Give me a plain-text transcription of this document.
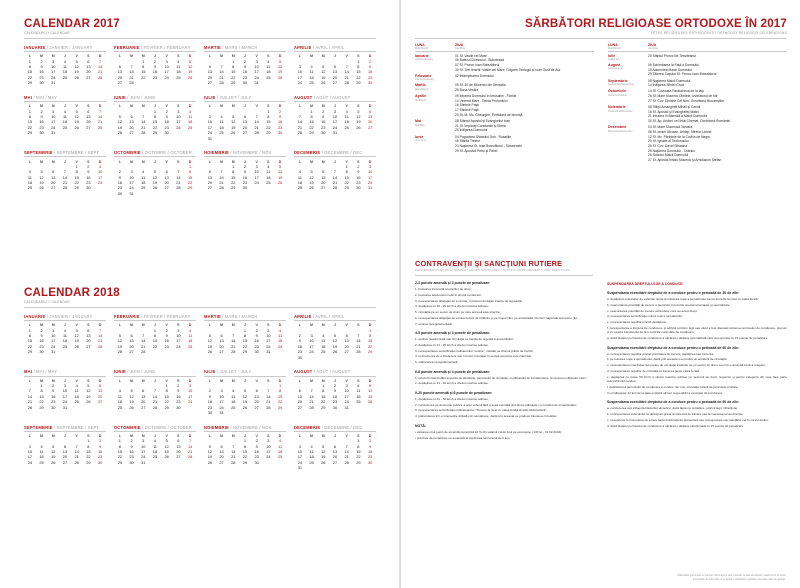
CALENDAR 2017
CALENDARIU / CALENDAR
IANUARIE / JANVIER / JANUARY
L	M	M	J	V	S	D
1	2	3	4	5	6	7
8	9	10	11	12	13	14
15	16	17	18	19	20	21
22	23	24	25	26	27	28
29	30	31				
FEBRUARIE / FÉVRIER / FEBRUARY
L	M	M	J	V	S	D
		1	2	3	4	5
6	7	8	9	10	11	12
13	14	15	16	17	18	19
20	21	22	23	24	25	26
27	28					
MARTIE / MARS / MARCH
L	M	M	J	V	S	D
		1	2	3	4	5
6	7	8	9	10	11	12
13	14	15	16	17	18	19
20	21	22	23	24	25	26
27	28	29	30	31		
APRILIE / AVRIL / APRIL
L	M	M	J	V	S	D
					1	2
3	4	5	6	7	8	9
10	11	12	13	14	15	16
17	18	19	20	21	22	23
24	25	26	27	28	29	30
MAI / MAI / MAY
L	M	M	J	V	S	D
1	2	3	4	5	6	7
8	9	10	11	12	13	14
15	16	17	18	19	20	21
22	23	24	25	26	27	28
29	30	31				
IUNIE / JUIN / JUNE
L	M	M	J	V	S	D
			1	2	3	4
5	6	7	8	9	10	11
12	13	14	15	16	17	18
19	20	21	22	23	24	25
26	27	28	29	30		
IULIE / JUILLET / JULY
L	M	M	J	V	S	D
					1	2
3	4	5	6	7	8	9
10	11	12	13	14	15	16
17	18	19	20	21	22	23
24	25	26	27	28	29	30
31						
AUGUST / AOÛT / AUGUST
L	M	M	J	V	S	D
	1	2	3	4	5	6
7	8	9	10	11	12	13
14	15	16	17	18	19	20
21	22	23	24	25	26	27
28	29	30	31			
SEPTEMBRIE / SEPTEMBRE / SEPT.
L	M	M	J	V	S	D
				1	2	3
4	5	6	7	8	9	10
11	12	13	14	15	16	17
18	19	20	21	22	23	24
25	26	27	28	29	30	
OCTOMBRIE / OCTOBRE / OCTOBER
L	M	M	J	V	S	D
						1
2	3	4	5	6	7	8
9	10	11	12	13	14	15
16	17	18	19	20	21	22
23	24	25	26	27	28	29
30	31					
NOIEMBRIE / NOVEMBRE / NOV.
L	M	M	J	V	S	D
		1	2	3	4	5
6	7	8	9	10	11	12
13	14	15	16	17	18	19
20	21	22	23	24	25	26
27	28	29	30			
DECEMBRIE / DÉCEMBRE / DEC.
L	M	M	J	V	S	D
				1	2	3
4	5	6	7	8	9	10
11	12	13	14	15	16	17
18	19	20	21	22	23	24
25	26	27	28	29	30	31
CALENDAR 2018
CALENDARIU / CALENDAR
IANUARIE / JANVIER / JANUARY
L	M	M	J	V	S	D
1	2	3	4	5	6	7
8	9	10	11	12	13	14
15	16	17	18	19	20	21
22	23	24	25	26	27	28
29	30	31				
FEBRUARIE / FÉVRIER / FEBRUARY
L	M	M	J	V	S	D
			1	2	3	4
5	6	7	8	9	10	11
12	13	14	15	16	17	18
19	20	21	22	23	24	25
26	27	28				
MARTIE / MARS / MARCH
L	M	M	J	V	S	D
			1	2	3	4
5	6	7	8	9	10	11
12	13	14	15	16	17	18
19	20	21	22	23	24	25
26	27	28	29	30	31	
APRILIE / AVRIL / APRIL
L	M	M	J	V	S	D
						1
2	3	4	5	6	7	8
9	10	11	12	13	14	15
16	17	18	19	20	21	22
23	24	25	26	27	28	29
30						
MAI / MAI / MAY
L	M	M	J	V	S	D
	1	2	3	4	5	6
7	8	9	10	11	12	13
14	15	16	17	18	19	20
21	22	23	24	25	26	27
28	29	30	31			
IUNIE / JUIN / JUNE
L	M	M	J	V	S	D
				1	2	3
4	5	6	7	8	9	10
11	12	13	14	15	16	17
18	19	20	21	22	23	24
25	26	27	28	29	30	
IULIE / JUILLET / JULY
L	M	M	J	V	S	D
						1
2	3	4	5	6	7	8
9	10	11	12	13	14	15
16	17	18	19	20	21	22
23	24	25	26	27	28	29
30	31					
AUGUST / AOÛT / AUGUST
L	M	M	J	V	S	D
		1	2	3	4	5
6	7	8	9	10	11	12
13	14	15	16	17	18	19
20	21	22	23	24	25	26
27	28	29	30	31		
SEPTEMBRIE / SEPTEMBRE / SEPT.
L	M	M	J	V	S	D
					1	2
3	4	5	6	7	8	9
10	11	12	13	14	15	16
17	18	19	20	21	22	23
24	25	26	27	28	29	30
OCTOMBRIE / OCTOBRE / OCTOBER
L	M	M	J	V	S	D
1	2	3	4	5	6	7
8	9	10	11	12	13	14
15	16	17	18	19	20	21
22	23	24	25	26	27	28
29	30	31				
NOIEMBRIE / NOVEMBRE / NOV.
L	M	M	J	V	S	D
			1	2	3	4
5	6	7	8	9	10	11
12	13	14	15	16	17	18
19	20	21	22	23	24	25
26	27	28	29	30		
DECEMBRIE / DÉCEMBRE / DEC.
L	M	M	J	V	S	D
					1	2
3	4	5	6	7	8	9
10	11	12	13	14	15	16
17	18	19	20	21	22	23
24	25	26	27	28	29	30
31						
SĂRBĂTORI RELIGIOASE ORTODOXE ÎN 2017
FÊTES RELIGIEUSES ORTHODOXES / ORTHODOX RELIGIOUS CELEBRATIONS
LUNA
Mois/Month
ZIUA
Jour/Day
Ianuarie
Janvier/January
01 Sf. Vasile cel Mare
06 Botezul Domnului - Boboteaza
07 Sf. Proroc Ioan Botezătorul
30 Sf. Trei Ierarhi: Vasile cel Mare, Grigorie Teologul şi Ioan Gură de Aur
Februarie
Février/February
02 Întâmpinarea Domnului
Martie
Mars/March
09 Sf. 40 de Mucenici din Sevastia
25 Buna Vestire
Aprilie
Avril/April
09 Intrarea Domnului în Ierusalim - Floriile
14 Vinerea Mare - Denia Prohodului
16 Sfintele Paşti
17 Sfintele Paşti
23 Sf. M. Mc. Gheorghe, Purtătorul de biruinţă
Mai
Mai/May
08 Sfântul Apostol şi Evanghelist Ioan
21 Sf. Împăraţi Constantin şi Elena
25 Înălţarea Domnului
Iunie
Juin/June
04 Pogorârea Sfântului Duh - Rusaliile
05 Sfânta Treime
24 Naşterea Sf. Ioan Botezătorul - Sânzienele
29 Sf. Apostoli Petru şi Pavel
LUNA
Mois/Month
ZIUA
Jour/Day
Iulie
Juillet/July
20 Sfântul Proroc Ilie Tesviteanul
August
Août/August
06 Schimbarea la Faţă a Domnului
15 Adormirea Maicii Domnului
29 Tăierea Capului Sf. Proroc Ioan Botezătorul
Septembrie
Septembre/September
08 Naşterea Maicii Domnului
14 Înălţarea Sfintei Cruci
Octombrie
Octobre/October
14 Sf. Cuvioasa Parascheva de la Iaşi
26 Sf. Mare Mucenic Dimitrie, Izvorâtorul de Mir
27 Sf. Cuv. Dimitrie Cel Nou, Ocrotitorul Bucureştilor
Noiembrie
Novembre/November
08 Sfinţii Arhangheli Mihail şi Gavriil
16 Sf. Apostol şi Evanghelist Matei
21 Intrarea în Biserică a Maicii Domnului
30 Sf. Ap. Andrei, cel Întâi Chemat, Ocrotitorul României
Decembrie
Décembre/December
04 Sf. Mare Mucenică Varvara
06 Sf. Ierarh Nicolae, Arhiep. Mirelor Lichiei
12 Sf. Ific. Părintele de la Cuvios de Negru
20 Sf. Ignatie al Teoforuluiui
25 Sf. Cuv. David Sihastrul
26 Naşterea Domnului - Crăciun
26 Soborul Maicii Domnului
27 Sf. Apostol Întâiul Mucenic şi Arhidiacon Ştefan
CONTRAVENŢII ŞI SANCŢIUNI RUTIERE
CONTRAVENTIONS ROUTIÈRES ET LEURS SANCTIONS / TRAFFIC INFRINGEMENTS AND SANCTIONS
2-3 puncte amendă şi 2 puncte de penalizare:

1. Folosirea incorectă a luminilor de drum;

2. Folosirea telefonului mobil în timpul conducerii;

3. nerespectarea obligaţiei de a circula, în timpul circulaţiei înainte de siguranţă;

4. depăşirea cu 10 - 20 km/h a vitezei maxime admise;

5. circulaţia pe un sector de drum pe care accesul este interzis;

6. nerespectarea obligaţiei de a folosi lumini de întâlnire şi pe timpul zilei, pe autostradă, drumuri naţionale europene (E);

7. oprirea neregulamentară.

4-5 puncte amendă şi 3 puncte de penalizare:

1. oprirea neautorizată sau circulaţia pe banda de urgenţă a autostrăzilor;

2. depăşirea cu 21 - 30 km/h a vitezei maxime admise;

3. nerespectarea semnificaţiei indicatorului "ocolire", instalat pe drumul public de tranzit;

4. neînscrierea de a întoarcere sau în locul circulaţiei în sensul acestora este interzisă;

5. staţionarea neregulamentară.

6-8 puncte amendă şi 4 puncte de penalizare:

1. refuzul înmatriculării acestuia de identitate, permisului de circulaţie, certificatului de înmatriculare, la cererea poliţistului rutier;

2. depăşirea cu 31 - 40 km/h a vitezei maxime admise.

9-20 puncte amendă şi 6 puncte de penalizare:

1. depăşirea cu 41 - 50 km/h a vitezei maxime admise;

2. conducerea pe drumurile publice a unui vehicul fără a avea montată una dintre plăcuţele cu numărul de înmatriculare;

3. nerespectarea semnificaţiei indicatoarelor "Trecere la nivel cu calea ferată simplă, fără barieră";

4. pătrunderea într-o intersecţie dirijată prin semafoare, dacă prin aceasta se produce blocarea circulaţiei.

NOTĂ:

• valoarea unui punct de amendă reprezintă 10 % din salariul minim brut pe economie; (130 lei - 01.02.2016);

• punctele de penalizare se anulează la împlinirea termenului de 6 luni.

SUSPENDAREA DREPTULUI DE A CONDUCE:
Suspendarea exercitării dreptului de a conduce pentru o perioadă de 30 de zile:

a. depăşirea coloanelor de vehicule oprite la culoarea roşie a semaforului sau la trecerile la nivel cu calea ferată;

b. neacordarea priorităţii de trecere a pietonilor în locurile special amenajate şi semnalizate;

c. neacordarea priorităţii de trecere vehiculelor care au acest drept;

d. nerespectarea semnificaţiei culorii roşii a semaforului;

e. nerespectarea regulilor privind depăşirea;

f. nerespectarea a timpului de conducere şi odihnă conform legii sau când a fost dispusă reţinerea permisului de conducere, precum şi cu ocazia transferului de la o centrale controlate de conducere;

g. dacă titularul permisului de conducere a săvârşit o abatere semnalizată care corespunde cu 15 puncte de penalizare.

Suspendarea exercitării dreptului de a conduce pentru o perioadă de 60 de zile:

a. nerespectarea regulilor privind prioritatea de trecere, depăşirea sau trecerea;

b. la culoarea roşie a semaforului, dacă prin aceasta s-a produs un accident de circulaţie;

c. nerespectarea interdicţiei temporare de circulaţie instituite pe un sector de drum sau într-o anumită zonă a oraşului;

d. nerespectarea regulilor de circulaţie la trecerea peste calea ferată;

e. depăşirea cu peste 50 km/h a vitezei maxime admise pe sectorul de drum respectiv şi pentru categoria din care face parte autovehiculul condus;

f. deţinătorului permisului de conducere a condus, din nou, circulaţia rutieră de pericolele probate;

în următoarele 12 luni de la data expirării ultimei suspendări a execuţiei de conducere.

Suspendarea exercitării dreptului de a conduce pentru o perioadă de 90 de zile:

a. conducerea sub influenţa băuturilor alcoolice, dacă fapta nu constituie, potrivit legii, infracţiune;

b. nerespectarea vehiculului cu defecţiuni grave la sistemul de frânare sau la mecanismul de direcţie;

c. nesuprinsa în încercarea de a face fapta limită faţă de presentare sau nerespectate sau stanţările cel în cursul anului;

d. dacă titularul permisului de conducere a săvârşit o abatere sancţionată cu 15 puncte de penalizare.

Materialele prezentate au caracter informativ şi sunt colectate la data actualizării, valabil la 01.11.2016.
Informaţiile din Calendar nu se aplică modificărilor legislative ulterioare datei de apariţie.
